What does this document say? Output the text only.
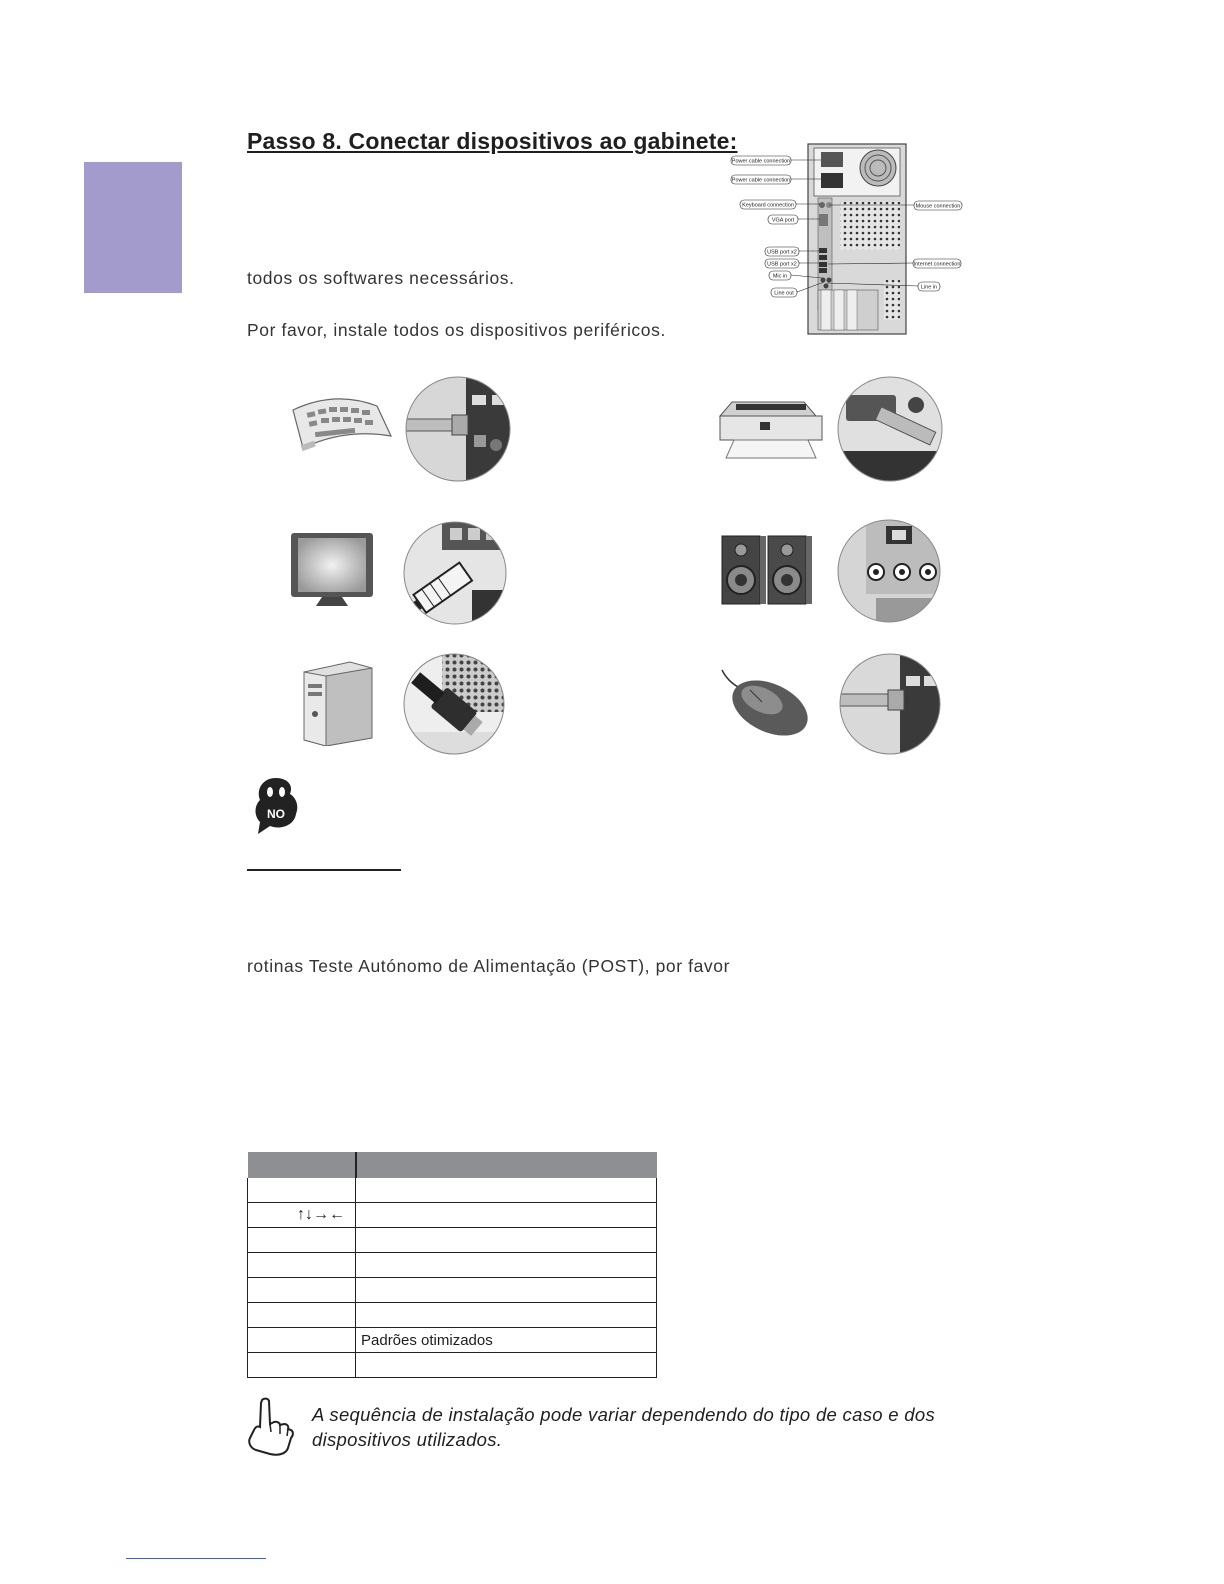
Passo 8. Conectar dispositivos ao gabinete:
todos os softwares necessários.
Por favor, instale todos os dispositivos periféricos.
Power cable connection
Power cable connection
Keyboard connection
VGA port
USB port x2
USB port x2
Mic in
Line out
Mouse connection
Internet connection
Line in
NO
rotinas Teste Autónomo de Alimentação (POST), por favor

↑↓→←	

	Padrões otimizados

A sequência de instalação pode variar dependendo do tipo de caso e dos
dispositivos utilizados.
